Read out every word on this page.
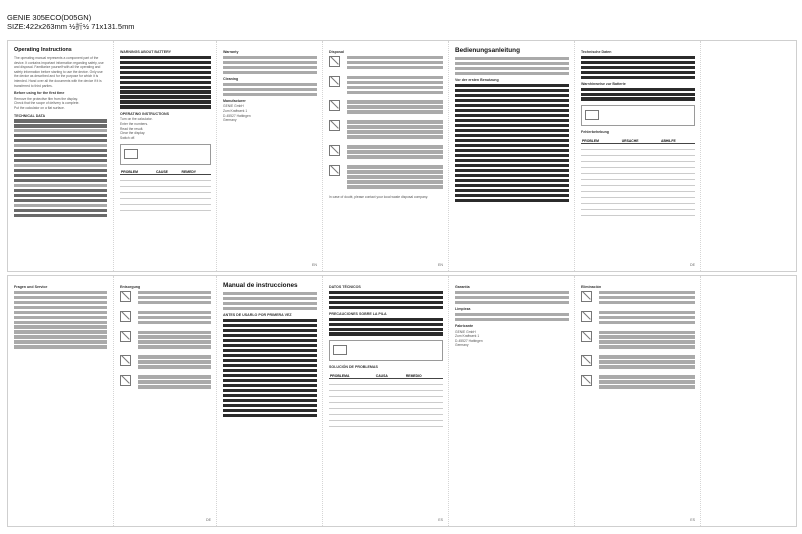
GENIE 305ECO(D05GN)
SIZE:422x263mm ½折½ 71x131.5mm
Operating Instructions
The operating manual represents a component part of the device. It contains important information regarding safety, use and disposal. Familiarize yourself with all the operating and safety information before starting to use the device. Only use the device as described and for the purpose for which it is intended. Hand over all the documents with the device if it is transferred to third parties.
Before using for the first time
Remove the protective film from the display.
Check that the scope of delivery is complete.
Put the calculator on a flat surface.
TECHNICAL DATA
WARNINGS ABOUT BATTERY
OPERATING INSTRUCTIONS
Turn on the calculator.
Enter the numbers.
Read the result.
Clear the display.
Switch off.
PROBLEM	CAUSE	REMEDY

Warranty
Cleaning
Manufacturer
GENIE GmbH
Zum Kraftwerk 1
D-45527 Hattingen
Germany
EN
Disposal
In case of doubt, please contact your local waste disposal company.
EN
Bedienungsanleitung
Vor der ersten Benutzung
Technische Daten
Warnhinweise zur Batterie
Fehlerbehebung
PROBLEM	URSACHE	ABHILFE

DE
Fragen und Service	Entsorgung
DE
Manual de instrucciones
ANTES DE USARLO POR PRIMERA VEZ
DATOS TÉCNICOS
PRECAUCIONES SOBRE LA PILA
SOLUCIÓN DE PROBLEMAS
PROBLEMA	CAUSA	REMEDIO

ES
Garantía
Limpieza
Fabricante
GENIE GmbH
Zum Kraftwerk 1
D-45527 Hattingen
Germany
Eliminación
ES
